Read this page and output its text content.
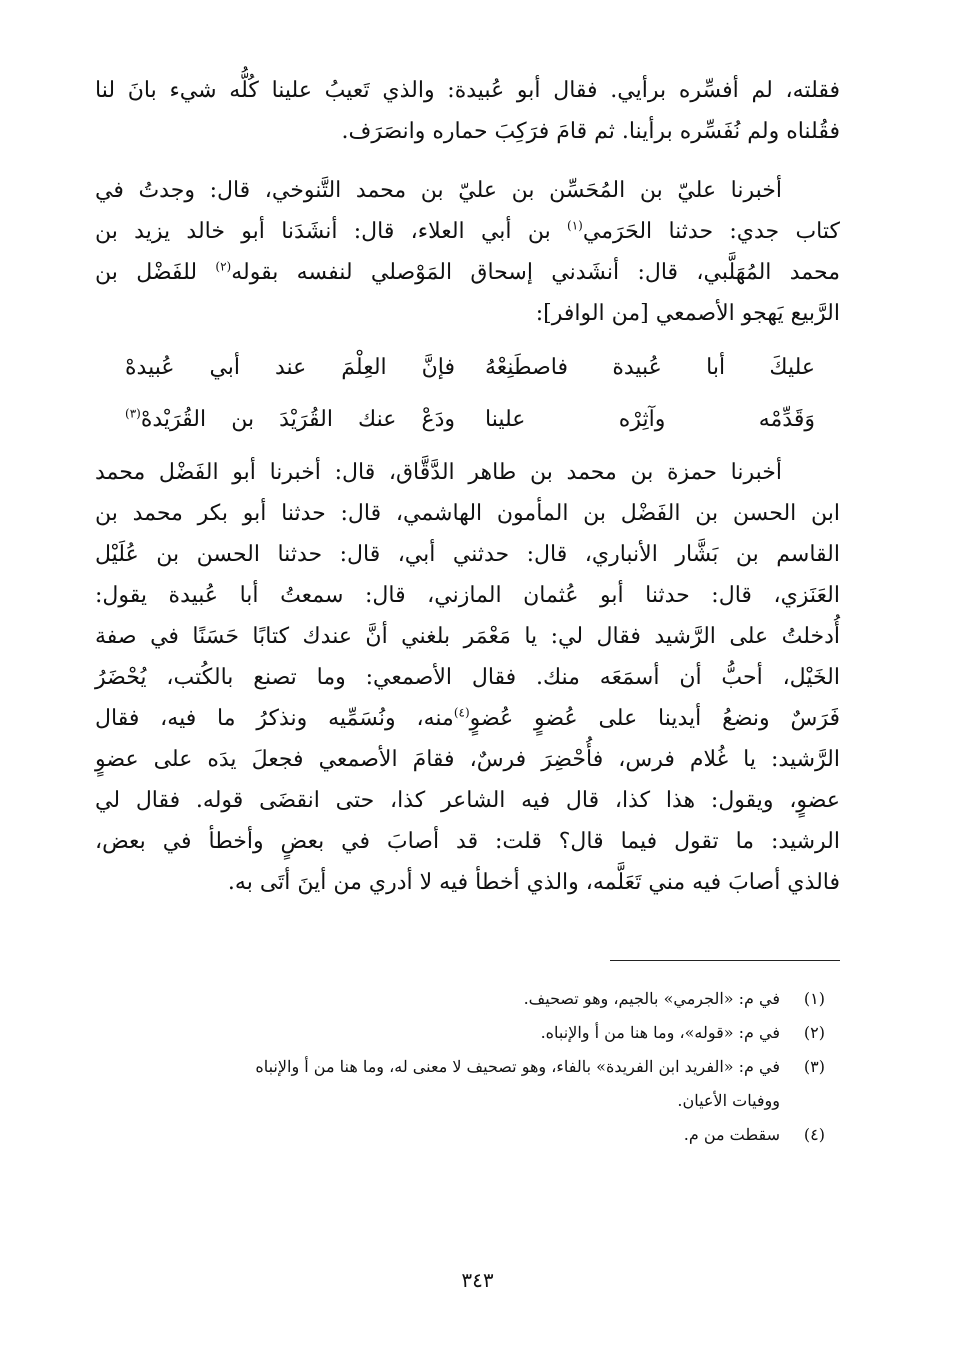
فقلته، لم أفسِّره برأيي. فقال أبو عُبيدة: والذي تَعيبُ علينا كُلُّه شيء بانَ لنا
فقُلناه ولم نُفَسِّره برأينا. ثم قامَ فرَكِبَ حماره وانصَرَف.

أخبرنا عليّ بن المُحَسِّن بن عليّ بن محمد التَّنوخي، قال: وجدتُ في
كتاب جدي: حدثنا الحَرَمي$^{(١)}$ بن أبي العلاء، قال: أنشَدَنا أبو خالد يزيد بن
محمد المُهَلَّبي، قال: أنشَدني إسحاق المَوْصلي لنفسه بقوله$^{(٢)}$ للفَضْل بن
الرَّبيع يَهجو الأصمعي [من الوافر]:

عليكَ أبا عُبيدة فاصطَنِعْهُ
فإنَّ العِلْمَ عند أبي عُبيدهْ
وَقَدِّمْه وآثِرْه علينا
ودَعْ عنك القُرَيْدَ بن القُرَيْدهْ$^{(٣)}$

أخبرنا حمزة بن محمد بن طاهر الدَّقَّاق، قال: أخبرنا أبو الفَضْل محمد
ابن الحسن بن الفَضْل بن المأمون الهاشمي، قال: حدثنا أبو بكر محمد بن
القاسم بن بَشَّار الأنباري، قال: حدثني أبي، قال: حدثنا الحسن بن عُلَيْل
العَنَزي، قال: حدثنا أبو عُثمان المازني، قال: سمعتُ أبا عُبيدة يقول:
أُدخلتُ على الرَّشيد فقال لي: يا مَعْمَر بلغني أنَّ عندك كتابًا حَسَنًا في صفة
الخَيْل، أحبُّ أن أسمَعَه منك. فقال الأصمعي: وما تصنع بالكُتب، يُحْضَرُ
فَرَسٌ ونضعُ أيدينا على عُضوٍ عُضوٍ$^{(٤)}$منه، ونُسَمِّيه ونذكرُ ما فيه، فقال
الرَّشيد: يا غُلام فرس، فأُحْضِرَ فرسٌ، فقامَ الأصمعي فجعلَ يدَه على عضوٍ
عضوٍ، ويقول: هذا كذا، قال فيه الشاعر كذا، حتى انقضَى قوله. فقال لي
الرشيد: ما تقول فيما قال؟ قلت: قد أصابَ في بعضٍ وأخطأ في بعض،
فالذي أصابَ فيه مني تَعَلَّمه، والذي أخطأ فيه لا أدري من أينَ أتَى به.

(١)
في م: «الجرمي» بالجيم، وهو تصحيف.
(٢)
في م: «قوله»، وما هنا من أ والإنباه.
(٣)
في م: «الفريد ابن الفريدة» بالفاء، وهو تصحيف لا معنى له، وما هنا من أ والإنباه
ووفيات الأعيان.
(٤)
سقطت من م.
٣٤٣
